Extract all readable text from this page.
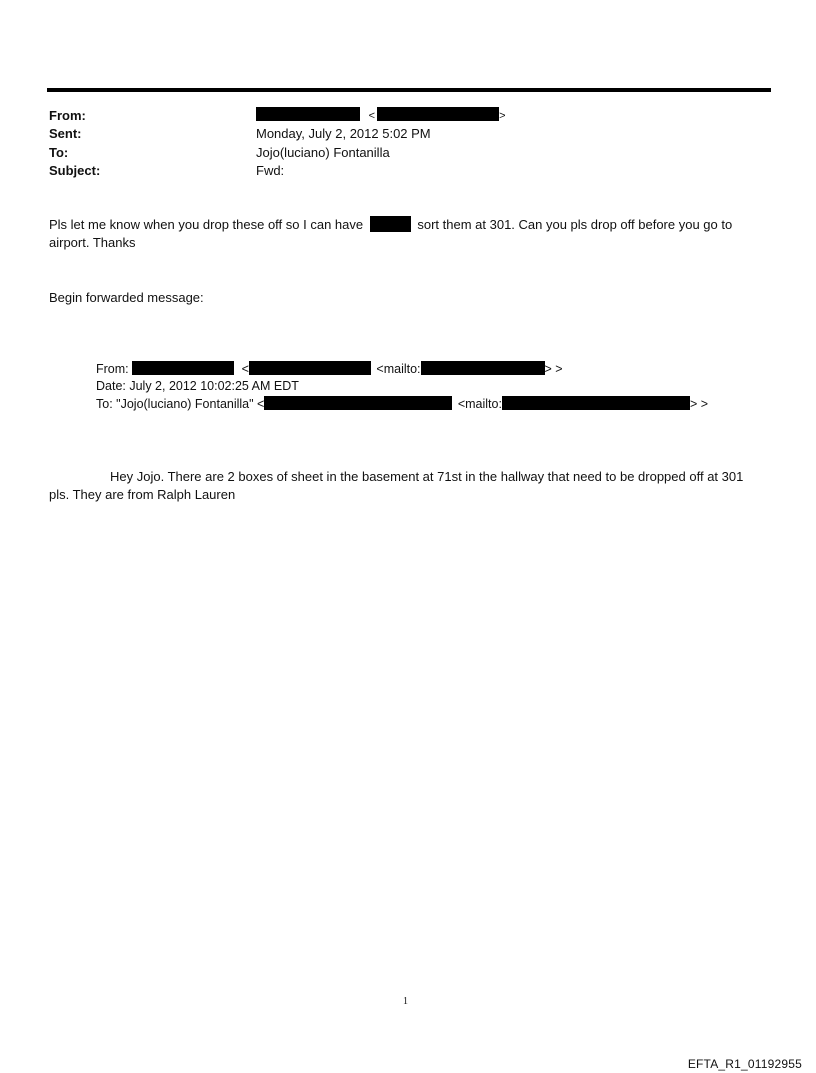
From:	<	>
Sent:	Monday, July 2, 2012 5:02 PM
To:	Jojo(luciano) Fontanilla
Subject:	Fwd:
Pls let me know when you drop these off so I can have	sort them at 301. Can you pls drop off before you go to
airport. Thanks
Begin forwarded message:
From:	<	<mailto:	> >
Date: July 2, 2012 10:02:25 AM EDT
To: "Jojo(luciano) Fontanilla" <	<mailto:	> >
Hey Jojo. There are 2 boxes of sheet in the basement at 71st in the hallway that need to be dropped off at 301
pls. They are from Ralph Lauren
1
EFTA_R1_01192955
